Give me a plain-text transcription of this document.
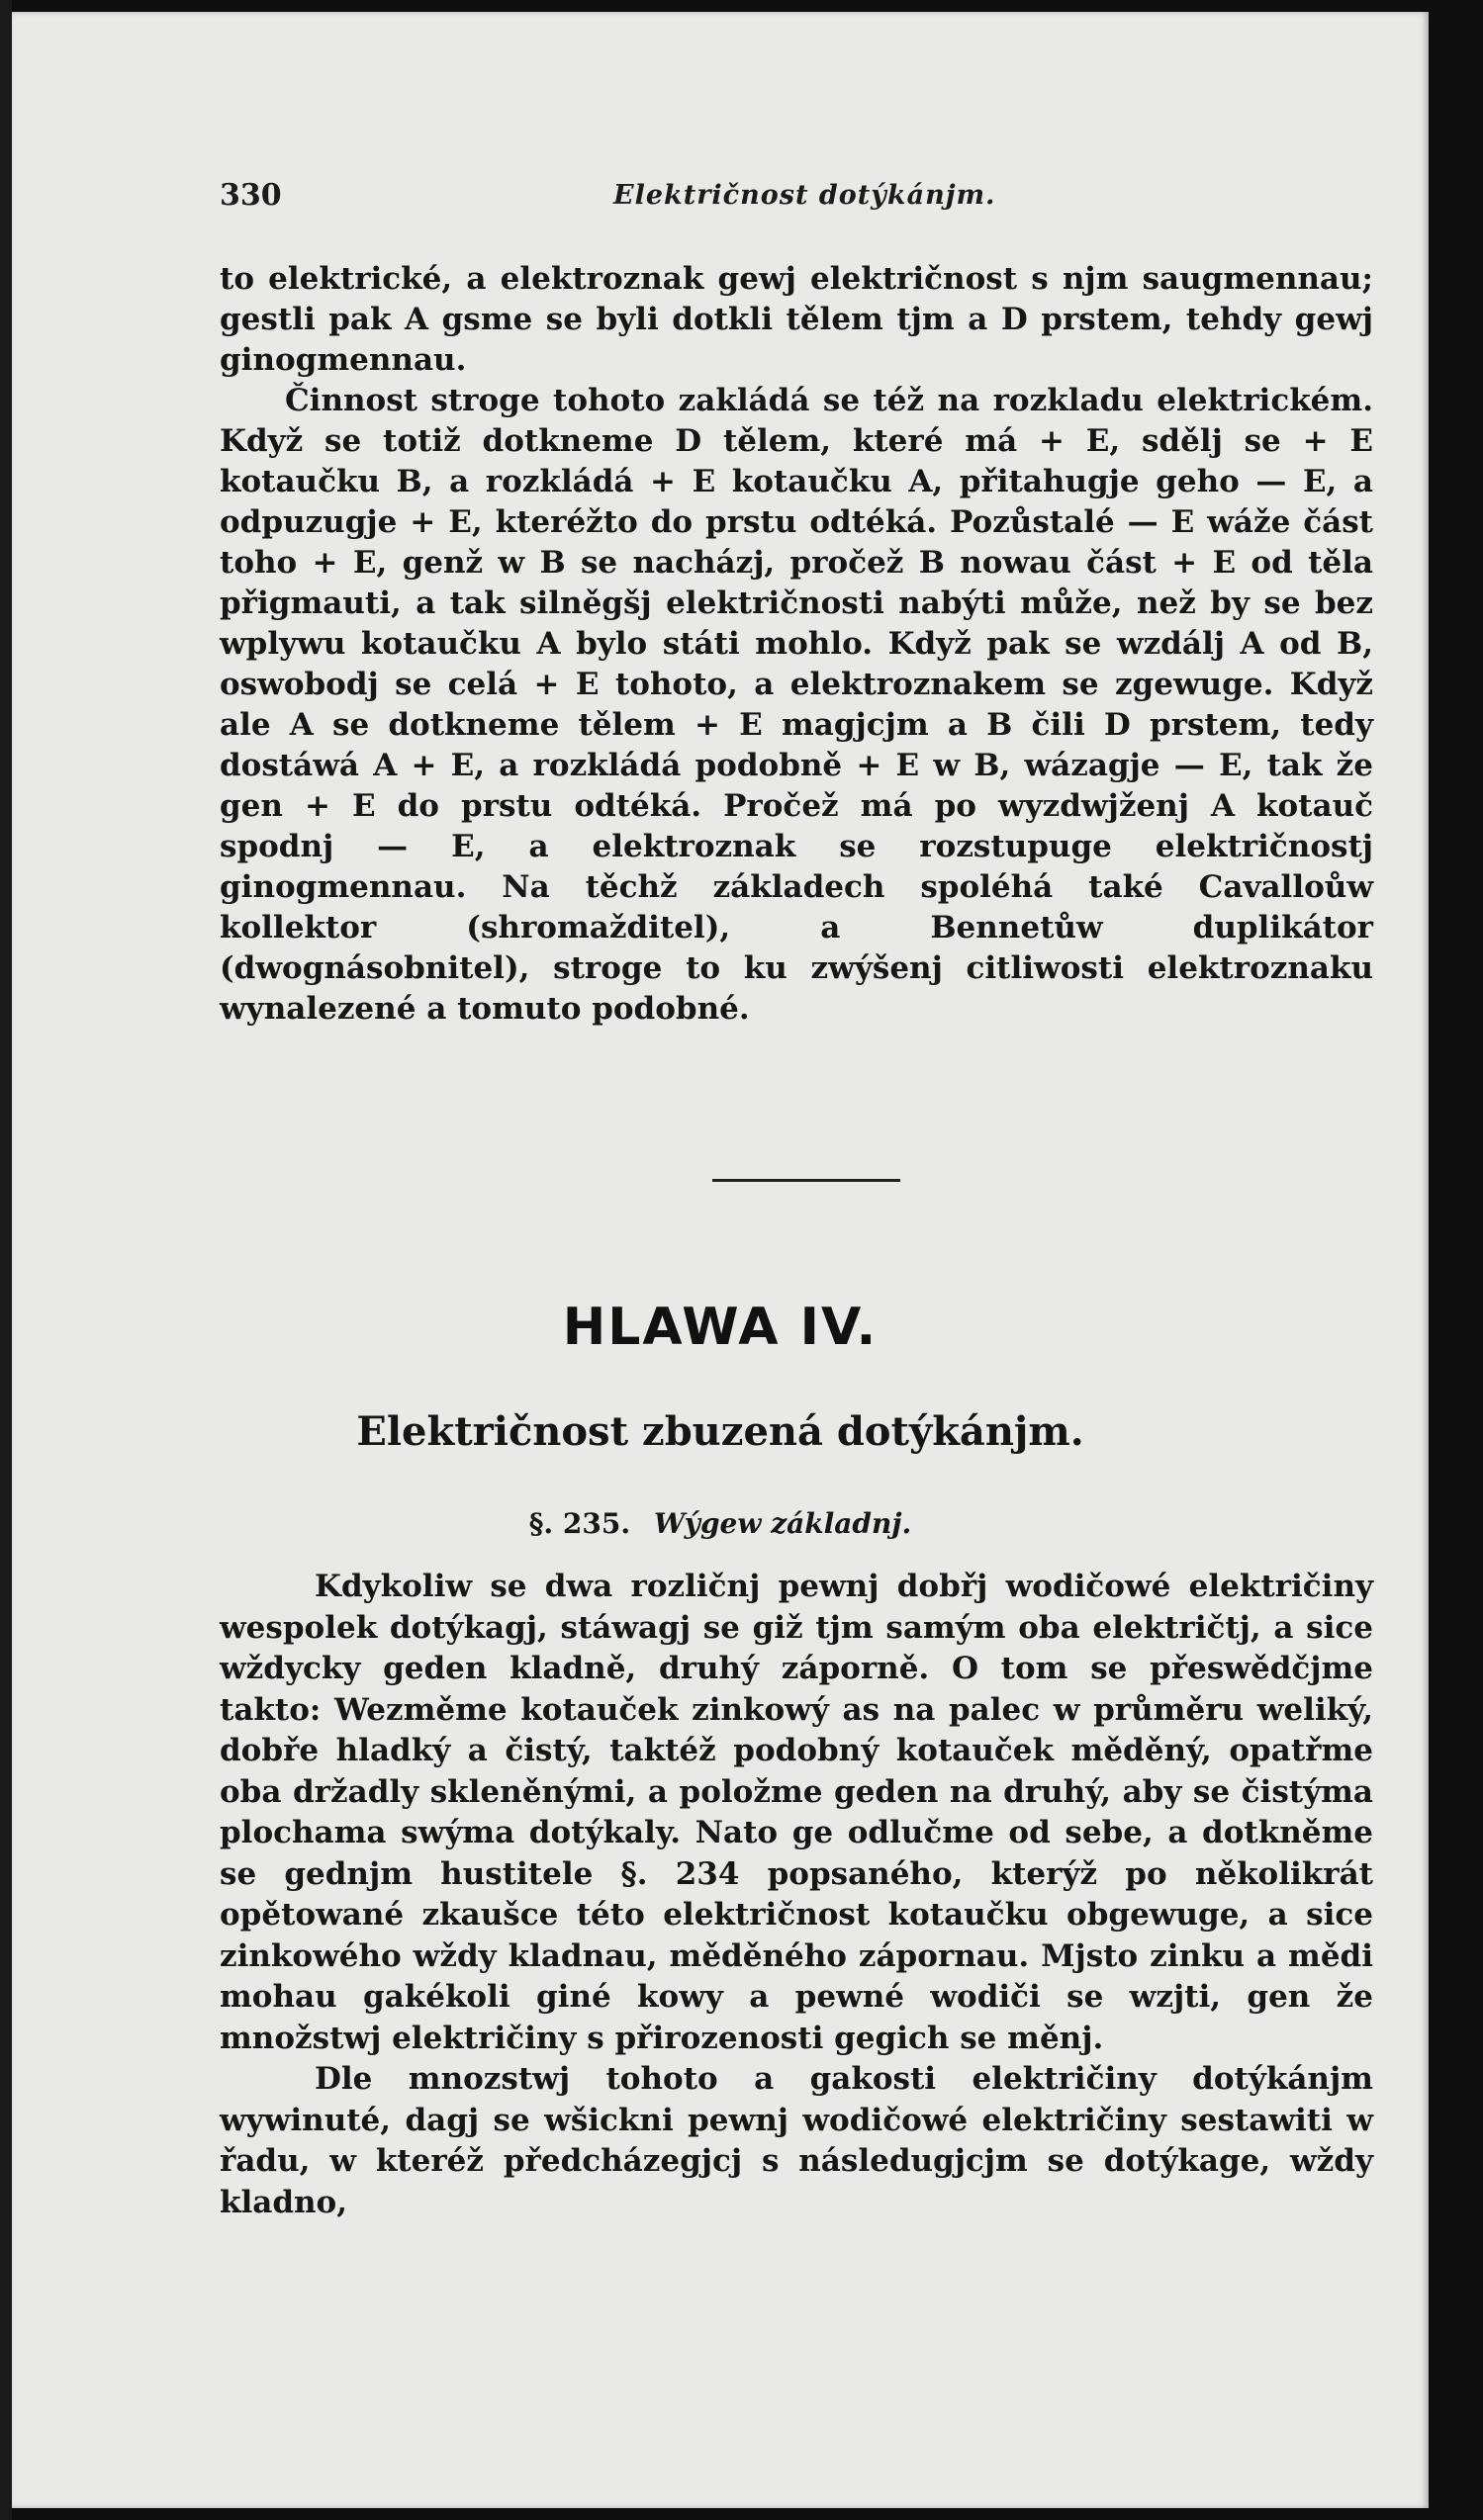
330	Električnost dotýkánjm.

to elektrické, a elektroznak gewj električnost s njm saugmennau; gestli pak A gsme se byli dotkli tělem tjm a D prstem, tehdy gewj ginogmennau.

Činnost stroge tohoto zakládá se též na rozkladu elektrickém. Když se totiž dotkneme D tělem, které má + E, sdělj se + E kotaučku B, a rozkládá + E kotaučku A, přitahugje geho — E, a odpuzugje + E, kteréžto do prstu odtéká. Pozůstalé — E wáže část toho + E, genž w B se nacházj, pročež B nowau část + E od těla přigmauti, a tak silněgšj električnosti nabýti může, než by se bez wplywu kotaučku A bylo státi mohlo. Když pak se wzdálj A od B, oswobodj se celá + E tohoto, a elektroznakem se zgewuge. Když ale A se dotkneme tělem + E magjcjm a B čili D prstem, tedy dostáwá A + E, a rozkládá podobně + E w B, wázagje — E, tak že gen + E do prstu odtéká. Pročež má po wyzdwjženj A kotauč spodnj — E, a elektroznak se rozstupuge električnostj ginogmennau. Na těchž základech spoléhá také Cavalloůw kollektor (shromažditel), a Bennetůw duplikátor (dwognásobnitel), stroge to ku zwýšenj citliwosti elektroznaku wynalezené a tomuto podobné.

HLAWA IV.
Električnost zbuzená dotýkánjm.
§. 235. Wýgew základnj.

Kdykoliw se dwa rozličnj pewnj dobřj wodičowé električiny wespolek dotýkagj, stáwagj se giž tjm samým oba električtj, a sice wždycky geden kladně, druhý záporně. O tom se přeswědčjme takto: Wezměme kotauček zinkowý as na palec w průměru weliký, dobře hladký a čistý, taktéž podobný kotauček měděný, opatřme oba držadly skleněnými, a položme geden na druhý, aby se čistýma plochama swýma dotýkaly. Nato ge odlučme od sebe, a dotkněme se gednjm hustitele §. 234 popsaného, kterýž po několikrát opětowané zkaušce této električnost kotaučku obgewuge, a sice zinkowého wždy kladnau, měděného zápornau. Mjsto zinku a mědi mohau gakékoli giné kowy a pewné wodiči se wzjti, gen že množstwj električiny s přirozenosti gegich se měnj.

Dle mnozstwj tohoto a gakosti električiny dotýkánjm wywinuté, dagj se wšickni pewnj wodičowé električiny sestawiti w řadu, w kteréž předcházegjcj s následugjcjm se dotýkage, wždy kladno,
